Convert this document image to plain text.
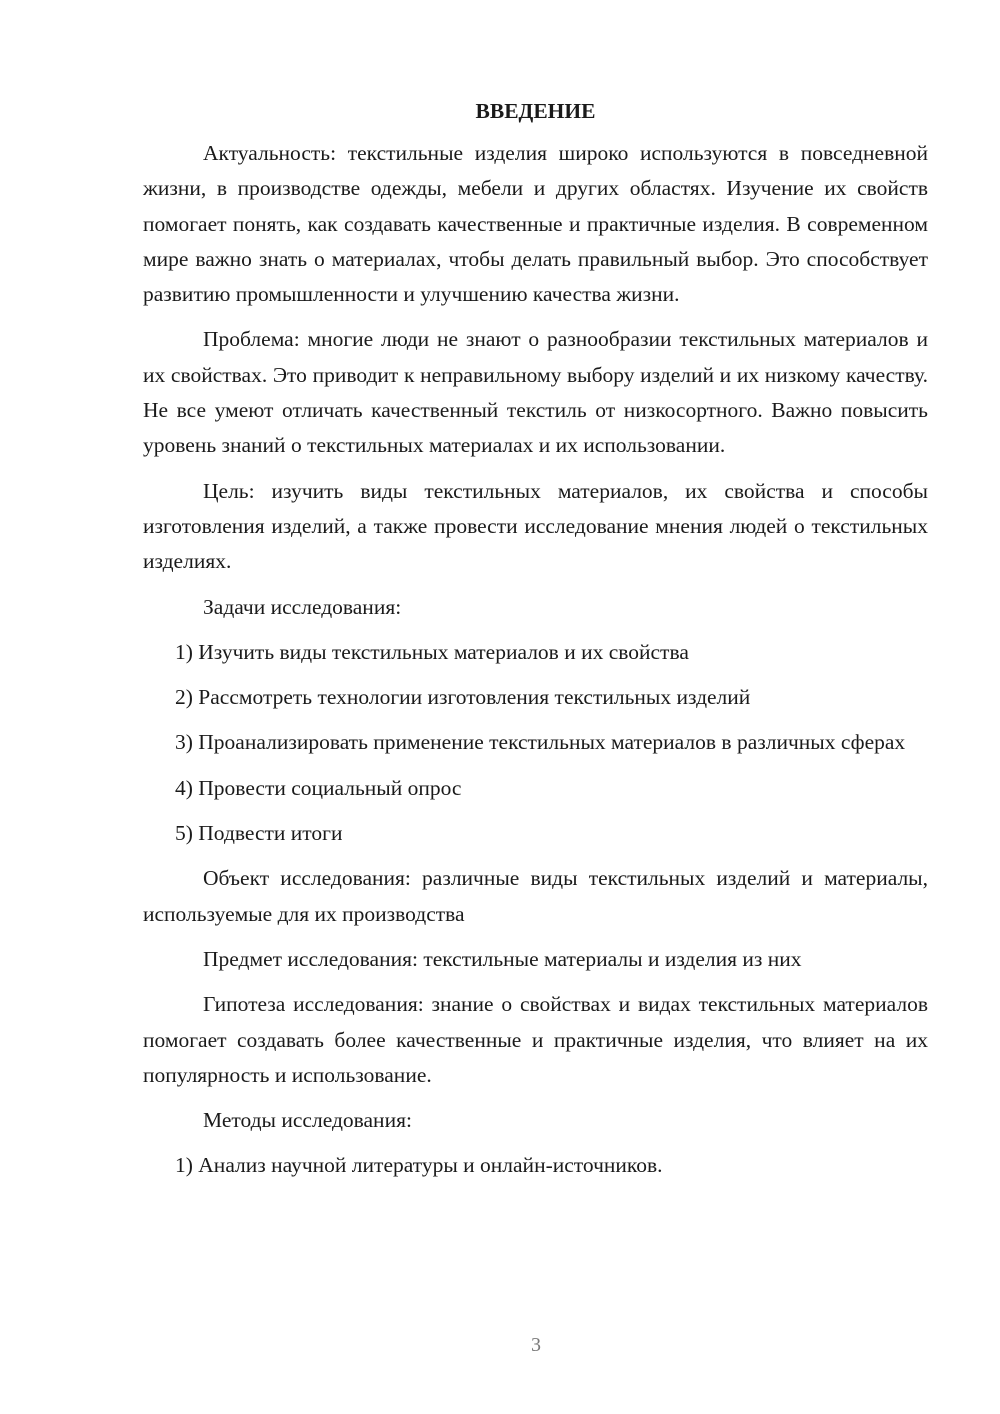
ВВЕДЕНИЕ

Актуальность: текстильные изделия широко используются в повседневной жизни, в производстве одежды, мебели и других областях. Изучение их свойств помогает понять, как создавать качественные и практичные изделия. В современном мире важно знать о материалах, чтобы делать правильный выбор. Это способствует развитию промышленности и улучшению качества жизни.

Проблема: многие люди не знают о разнообразии текстильных материалов и их свойствах. Это приводит к неправильному выбору изделий и их низкому качеству. Не все умеют отличать качественный текстиль от низкосортного. Важно повысить уровень знаний о текстильных материалах и их использовании.

Цель: изучить виды текстильных материалов, их свойства и способы изготовления изделий, а также провести исследование мнения людей о текстильных изделиях.

Задачи исследования:

1) Изучить виды текстильных материалов и их свойства

2) Рассмотреть технологии изготовления текстильных изделий

3) Проанализировать применение текстильных материалов в различных сферах

4) Провести социальный опрос

5) Подвести итоги

Объект исследования: различные виды текстильных изделий и материалы, используемые для их производства

Предмет исследования: текстильные материалы и изделия из них

Гипотеза исследования: знание о свойствах и видах текстильных материалов помогает создавать более качественные и практичные изделия, что влияет на их популярность и использование.

Методы исследования:

1) Анализ научной литературы и онлайн-источников.

3
